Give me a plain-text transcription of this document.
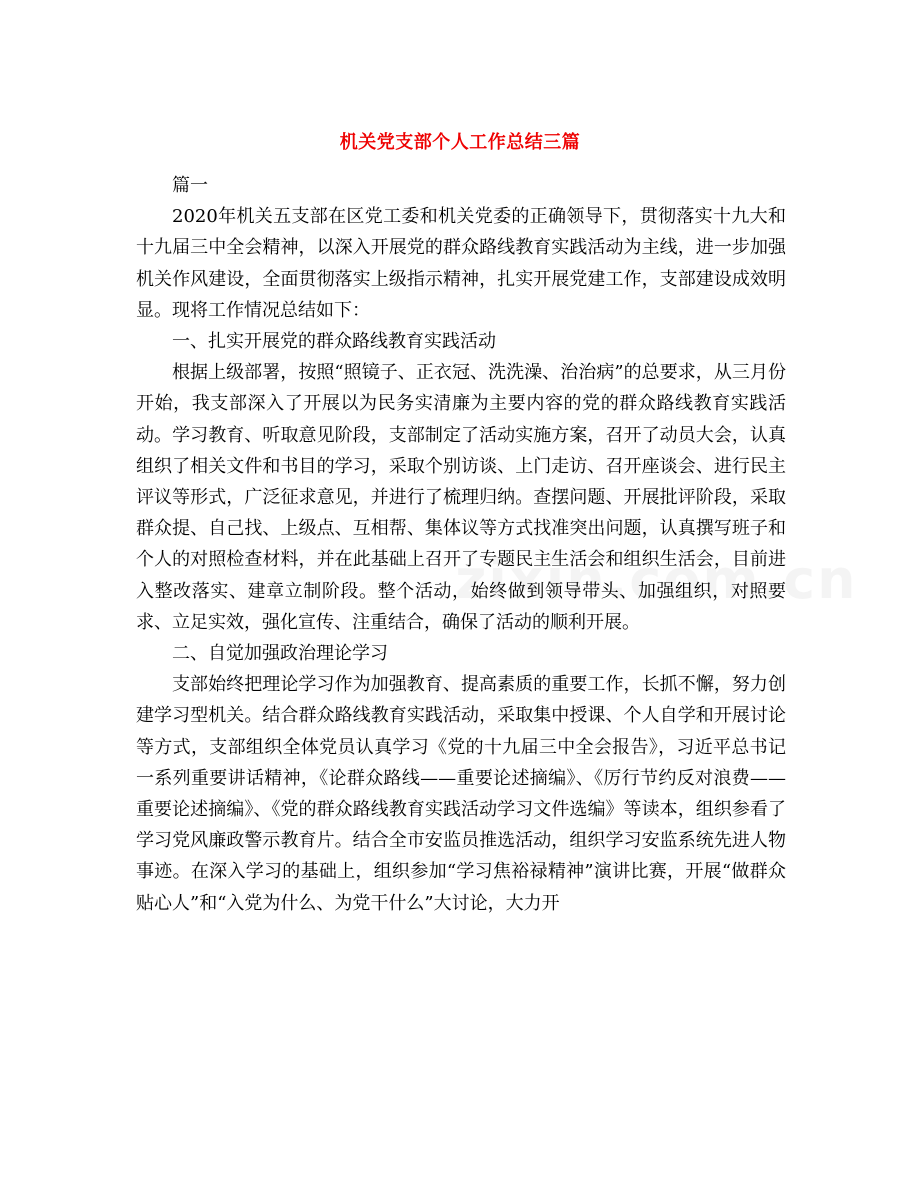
机关党支部个人工作总结三篇

篇一

2020年机关五支部在区党工委和机关党委的正确领导下，贯彻落实十九大和十九届三中全会精神，以深入开展党的群众路线教育实践活动为主线，进一步加强机关作风建设，全面贯彻落实上级指示精神，扎实开展党建工作，支部建设成效明显。现将工作情况总结如下：

一、扎实开展党的群众路线教育实践活动

根据上级部署，按照“照镜子、正衣冠、洗洗澡、治治病”的总要求，从三月份开始，我支部深入了开展以为民务实清廉为主要内容的党的群众路线教育实践活动。学习教育、听取意见阶段，支部制定了活动实施方案，召开了动员大会，认真组织了相关文件和书目的学习，采取个别访谈、上门走访、召开座谈会、进行民主评议等形式，广泛征求意见，并进行了梳理归纳。查摆问题、开展批评阶段，采取群众提、自己找、上级点、互相帮、集体议等方式找准突出问题，认真撰写班子和个人的对照检查材料，并在此基础上召开了专题民主生活会和组织生活会，目前进入整改落实、建章立制阶段。整个活动，始终做到领导带头、加强组织，对照要求、立足实效，强化宣传、注重结合，确保了活动的顺利开展。

二、自觉加强政治理论学习

支部始终把理论学习作为加强教育、提高素质的重要工作，长抓不懈，努力创建学习型机关。结合群众路线教育实践活动，采取集中授课、个人自学和开展讨论等方式，支部组织全体党员认真学习《党的十九届三中全会报告》，习近平总书记一系列重要讲话精神，《论群众路线——重要论述摘编》、《厉行节约反对浪费——重要论述摘编》、《党的群众路线教育实践活动学习文件选编》等读本，组织参看了学习党风廉政警示教育片。结合全市安监员推选活动，组织学习安监系统先进人物事迹。在深入学习的基础上，组织参加“学习焦裕禄精神”演讲比赛，开展“做群众贴心人”和“入党为什么、为党干什么”大讨论，大力开
